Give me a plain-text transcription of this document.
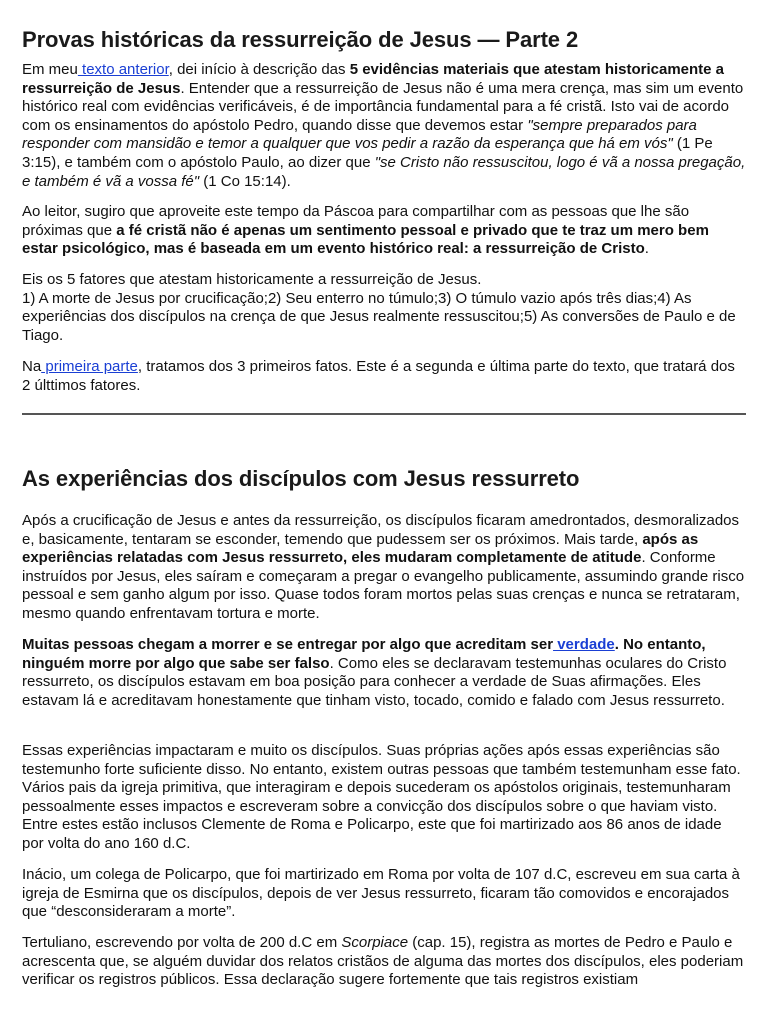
Provas históricas da ressurreição de Jesus — Parte 2

Em meu texto anterior, dei início à descrição das 5 evidências materiais que atestam historicamente a ressurreição de Jesus. Entender que a ressurreição de Jesus não é uma mera crença, mas sim um evento histórico real com evidências verificáveis, é de importância fundamental para a fé cristã. Isto vai de acordo com os ensinamentos do apóstolo Pedro, quando disse que devemos estar "sempre preparados para responder com mansidão e temor a qualquer que vos pedir a razão da esperança que há em vós" (1 Pe 3:15), e também com o apóstolo Paulo, ao dizer que "se Cristo não ressuscitou, logo é vã a nossa pregação, e também é vã a vossa fé" (1 Co 15:14).

Ao leitor, sugiro que aproveite este tempo da Páscoa para compartilhar com as pessoas que lhe são próximas que a fé cristã não é apenas um sentimento pessoal e privado que te traz um mero bem estar psicológico, mas é baseada em um evento histórico real: a ressurreição de Cristo.

Eis os 5 fatores que atestam historicamente a ressurreição de Jesus.
1) A morte de Jesus por crucificação;2) Seu enterro no túmulo;3) O túmulo vazio após três dias;4) As experiências dos discípulos na crença de que Jesus realmente ressuscitou;5) As conversões de Paulo e de Tiago.

Na primeira parte, tratamos dos 3 primeiros fatos. Este é a segunda e última parte do texto, que tratará dos 2 últtimos fatores.

As experiências dos discípulos com Jesus ressurreto

Após a crucificação de Jesus e antes da ressurreição, os discípulos ficaram amedrontados, desmoralizados e, basicamente, tentaram se esconder, temendo que pudessem ser os próximos. Mais tarde, após as experiências relatadas com Jesus ressurreto, eles mudaram completamente de atitude. Conforme instruídos por Jesus, eles saíram e começaram a pregar o evangelho publicamente, assumindo grande risco pessoal e sem ganho algum por isso. Quase todos foram mortos pelas suas crenças e nunca se retrataram, mesmo quando enfrentavam tortura e morte.

Muitas pessoas chegam a morrer e se entregar por algo que acreditam ser verdade. No entanto, ninguém morre por algo que sabe ser falso. Como eles se declaravam testemunhas oculares do Cristo ressurreto, os discípulos estavam em boa posição para conhecer a verdade de Suas afirmações. Eles estavam lá e acreditavam honestamente que tinham visto, tocado, comido e falado com Jesus ressurreto.

Essas experiências impactaram e muito os discípulos. Suas próprias ações após essas experiências são testemunho forte suficiente disso. No entanto, existem outras pessoas que também testemunham esse fato. Vários pais da igreja primitiva, que interagiram e depois sucederam os apóstolos originais, testemunharam pessoalmente esses impactos e escreveram sobre a convicção dos discípulos sobre o que haviam visto. Entre estes estão inclusos Clemente de Roma e Policarpo, este que foi martirizado aos 86 anos de idade por volta do ano 160 d.C.

Inácio, um colega de Policarpo, que foi martirizado em Roma por volta de 107 d.C, escreveu em sua carta à igreja de Esmirna que os discípulos, depois de ver Jesus ressurreto, ficaram tão comovidos e encorajados que “desconsideraram a morte”.

Tertuliano, escrevendo por volta de 200 d.C em Scorpiace (cap. 15), registra as mortes de Pedro e Paulo e acrescenta que, se alguém duvidar dos relatos cristãos de alguma das mortes dos discípulos, eles poderiam verificar os registros públicos. Essa declaração sugere fortemente que tais registros existiam
